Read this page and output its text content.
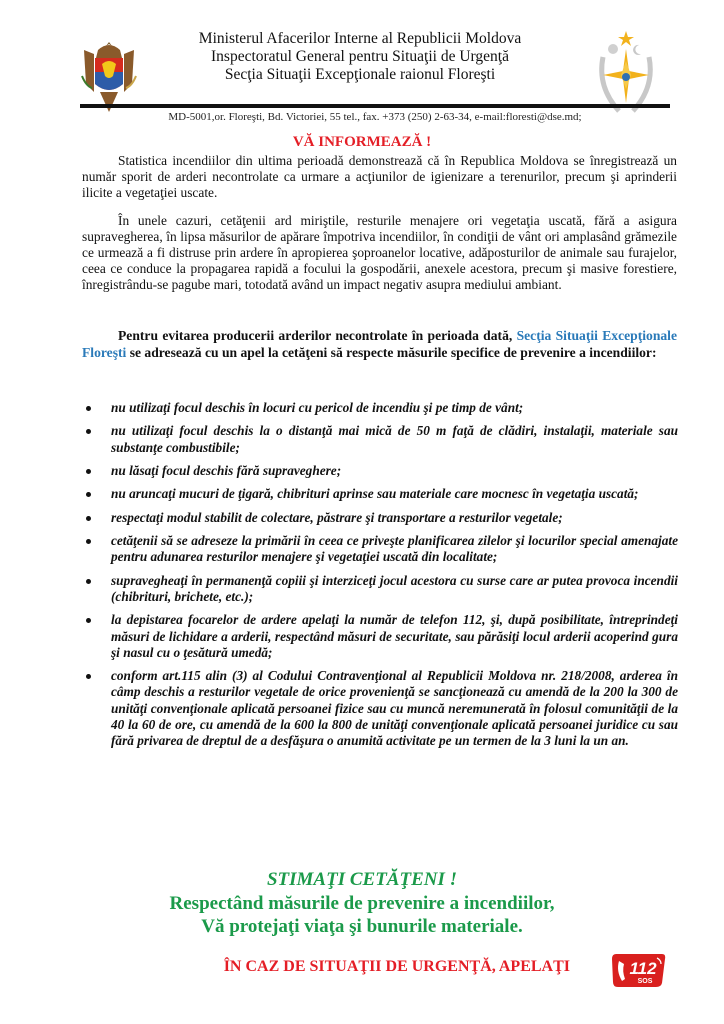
Ministerul Afacerilor Interne al Republicii Moldova
Inspectoratul General pentru Situaţii de Urgenţă
Secţia Situaţii Excepţionale raionul Floreşti
MD-5001,or. Floreşti, Bd. Victoriei, 55 tel., fax. +373 (250) 2-63-34, e-mail:floresti@dse.md;
VĂ INFORMEAZĂ !
Statistica incendiilor din ultima perioadă demonstrează că în Republica Moldova se înregistrează un număr sporit de arderi necontrolate ca urmare a acţiunilor de igienizare a terenurilor, precum şi aprinderii ilicite a vegetaţiei uscate.
În unele cazuri, cetăţenii ard miriştile, resturile menajere ori vegetaţia uscată, fără a asigura supravegherea, în lipsa măsurilor de apărare împotriva incendiilor, în condiţii de vânt ori amplasând grămezile ce urmează a fi distruse prin ardere în apropierea şoproanelor locative, adăposturilor de animale sau furajelor, ceea ce conduce la propagarea rapidă a focului la gospodării, anexele acestora, precum şi masive forestiere, înregistrându-se pagube mari, totodată având un impact negativ asupra mediului ambiant.
Pentru evitarea producerii arderilor necontrolate în perioada dată, Secţia Situaţii Excepţionale Floreşti se adresează cu un apel la cetăţeni să respecte măsurile specifice de prevenire a incendiilor:
nu utilizaţi focul deschis în locuri cu pericol de incendiu şi pe timp de vânt;
nu utilizaţi focul deschis la o distanţă mai mică de 50 m faţă de clădiri, instalaţii, materiale sau substanţe combustibile;
nu lăsaţi focul deschis fără supraveghere;
nu aruncaţi mucuri de ţigară, chibrituri aprinse sau materiale care mocnesc în vegetaţia uscată;
respectaţi modul stabilit de colectare, păstrare şi transportare a resturilor vegetale;
cetăţenii să se adreseze la primării în ceea ce priveşte planificarea zilelor şi locurilor special amenajate pentru adunarea resturilor menajere şi vegetaţiei uscată din localitate;
supravegheaţi în permanenţă copiii şi interziceţi jocul acestora cu surse care ar putea provoca incendii (chibrituri, brichete, etc.);
la depistarea focarelor de ardere apelaţi la număr de telefon 112, şi, după posibilitate, întreprindeţi măsuri de lichidare a arderii, respectând măsuri de securitate, sau părăsiţi locul arderii acoperind gura şi nasul cu o ţesătură umedă;
conform art.115 alin (3) al Codului Contravenţional al Republicii Moldova nr. 218/2008, arderea în câmp deschis a resturilor vegetale de orice provenienţă se sancţionează cu amendă de la 200 la 300 de unităţi convenţionale aplicată persoanei fizice sau cu muncă neremunerată în folosul comunităţii de la 40 la 60 de ore, cu amendă de la 600 la 800 de unităţi convenţionale aplicată persoanei juridice cu sau fără privarea de dreptul de a desfăşura o anumită activitate pe un termen de la 3 luni la un an.
STIMAŢI CETĂŢENI !
Respectând măsurile de prevenire a incendiilor,
Vă protejaţi viaţa şi bunurile materiale.
ÎN CAZ DE SITUAŢII DE URGENŢĂ, APELAŢI	112
SOS
